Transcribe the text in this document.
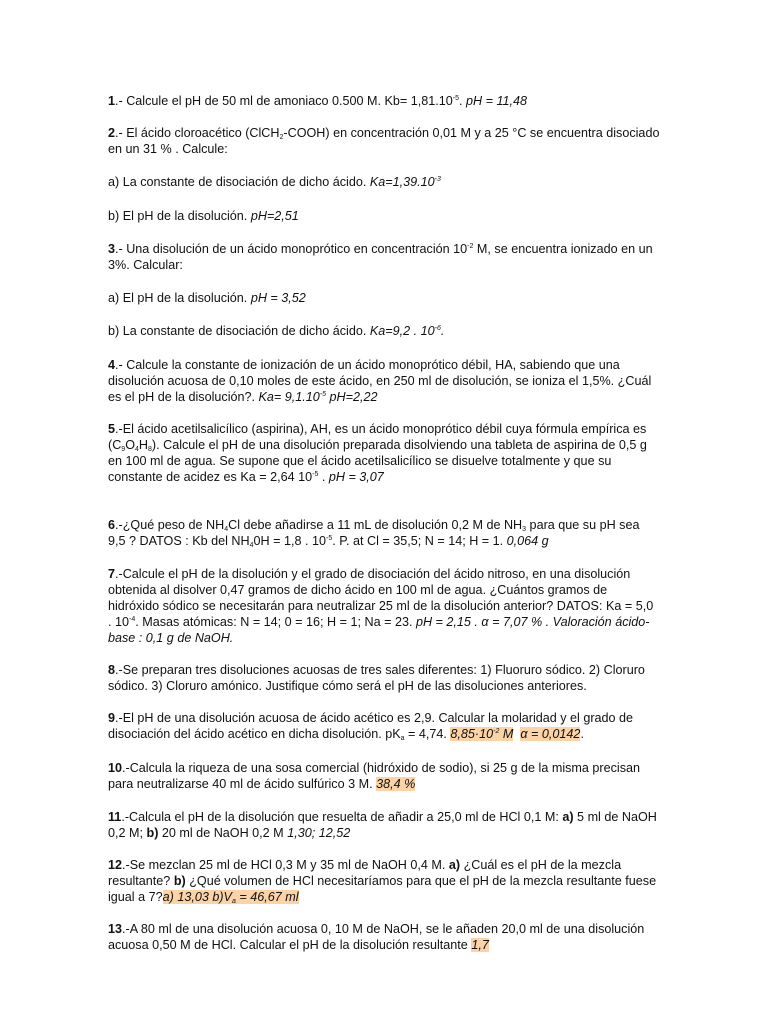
1.- Calcule el pH de 50 ml de amoniaco 0.500 M. $Kb= 1,81.10^{-5}$. pH = 11,48
2.- El ácido cloroacético (ClCH$_2$-COOH) en concentración 0,01 M y a 25 °C se encuentra disociado en un 31 % . Calcule:
a) La constante de disociación de dicho ácido. $Ka=1,39.10^{-3}$
b) El pH de la disolución. pH=2,51
3.- Una disolución de un ácido monoprótico en concentración $10^{-2}$ M, se encuentra ionizado en un 3%. Calcular:
a) El pH de la disolución. pH = 3,52
b) La constante de disociación de dicho ácido. Ka=9,2 . $10^{-6}$.
4.- Calcule la constante de ionización de un ácido monoprótico débil, HA, sabiendo que una disolución acuosa de 0,10 moles de este ácido, en 250 ml de disolución, se ioniza el 1,5%. ¿Cuál es el pH de la disolución?. $Ka= 9,1.10^{-5}$ pH=2,22
5.-El ácido acetilsalicílico (aspirina), AH, es un ácido monoprótico débil cuya fórmula empírica es $(C_9O_4H_8)$. Calcule el pH de una disolución preparada disolviendo una tableta de aspirina de 0,5 g en 100 ml de agua. Se supone que el ácido acetilsalicílico se disuelve totalmente y que su constante de acidez es Ka = 2,64 $10^{-5}$ . pH = 3,07
6.-¿Qué peso de $NH_4Cl$ debe añadirse a 11 mL de disolución 0,2 M de $NH_3$ para que su pH sea 9,5 ? DATOS : Kb del $NH_40H = 1,8$ . $10^{-5}$. P. at Cl = 35,5; N = 14; H = 1. 0,064 g
7.-Calcule el pH de la disolución y el grado de disociación del ácido nitroso, en una disolución obtenida al disolver 0,47 gramos de dicho ácido en 100 ml de agua. ¿Cuántos gramos de hidróxido sódico se necesitarán para neutralizar 25 ml de la disolución anterior? DATOS: Ka = 5,0 . $10^{-4}$. Masas atómicas: N = 14; 0 = 16; H = 1; Na = 23. pH = 2,15 . α = 7,07 % . Valoración ácido-base : 0,1 g de NaOH.
8.-Se preparan tres disoluciones acuosas de tres sales diferentes: 1) Fluoruro sódico. 2) Cloruro sódico. 3) Cloruro amónico. Justifique cómo será el pH de las disoluciones anteriores.
9.-El pH de una disolución acuosa de ácido acético es 2,9. Calcular la molaridad y el grado de disociación del ácido acético en dicha disolución. $pK_a = 4,74$. $8,85\cdot 10^{-2}$ M α = 0,0142.
10.-Calcula la riqueza de una sosa comercial (hidróxido de sodio), si 25 g de la misma precisan para neutralizarse 40 ml de ácido sulfúrico 3 M. 38,4 %
11.-Calcula el pH de la disolución que resuelta de añadir a 25,0 ml de HCl 0,1 M: a) 5 ml de NaOH 0,2 M; b) 20 ml de NaOH 0,2 M 1,30; 12,52
12.-Se mezclan 25 ml de HCl 0,3 M y 35 ml de NaOH 0,4 M. a) ¿Cuál es el pH de la mezcla resultante? b) ¿Qué volumen de HCl necesitaríamos para que el pH de la mezcla resultante fuese igual a 7?a) 13,03 $b)V_a = 46,67$ ml
13.-A 80 ml de una disolución acuosa 0, 10 M de NaOH, se le añaden 20,0 ml de una disolución acuosa 0,50 M de HCl. Calcular el pH de la disolución resultante 1,7
